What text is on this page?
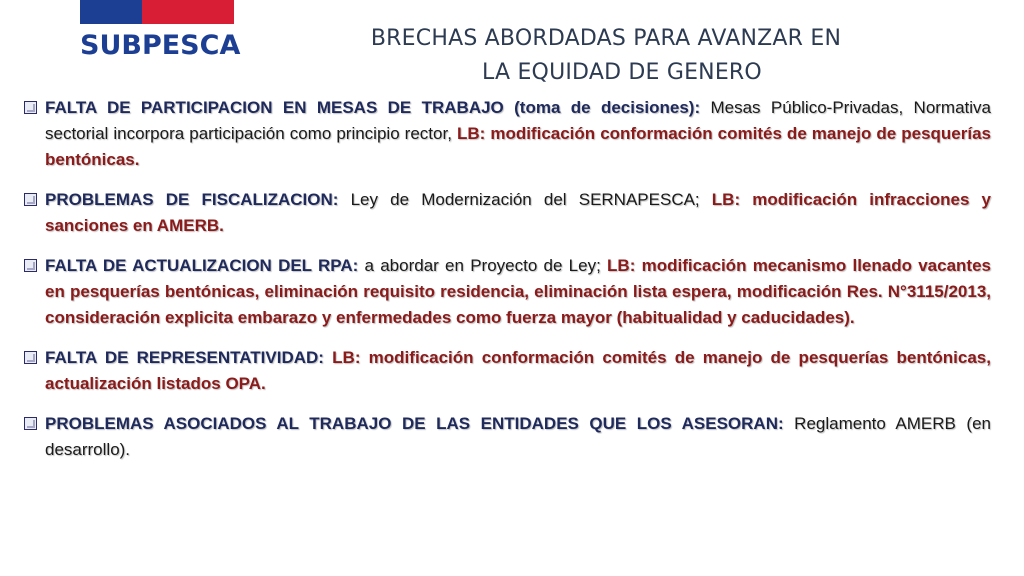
SUBPESCA	BRECHAS ABORDADAS PARA AVANZAR EN
LA EQUIDAD DE GENERO
FALTA DE PARTICIPACION EN MESAS DE TRABAJO (toma de decisiones): Mesas Público-Privadas, Normativa sectorial incorpora participación como principio rector, LB: modificación conformación comités de manejo de pesquerías bentónicas.
PROBLEMAS DE FISCALIZACION: Ley de Modernización del SERNAPESCA; LB: modificación infracciones y sanciones en AMERB.
FALTA DE ACTUALIZACION DEL RPA: a abordar en Proyecto de Ley; LB: modificación mecanismo llenado vacantes en pesquerías bentónicas, eliminación requisito residencia, eliminación lista espera, modificación Res. N°3115/2013, consideración explicita embarazo y enfermedades como fuerza mayor (habitualidad y caducidades).
FALTA DE REPRESENTATIVIDAD: LB: modificación conformación comités de manejo de pesquerías bentónicas, actualización listados OPA.
PROBLEMAS ASOCIADOS AL TRABAJO DE LAS ENTIDADES QUE LOS ASESORAN: Reglamento AMERB (en desarrollo).
